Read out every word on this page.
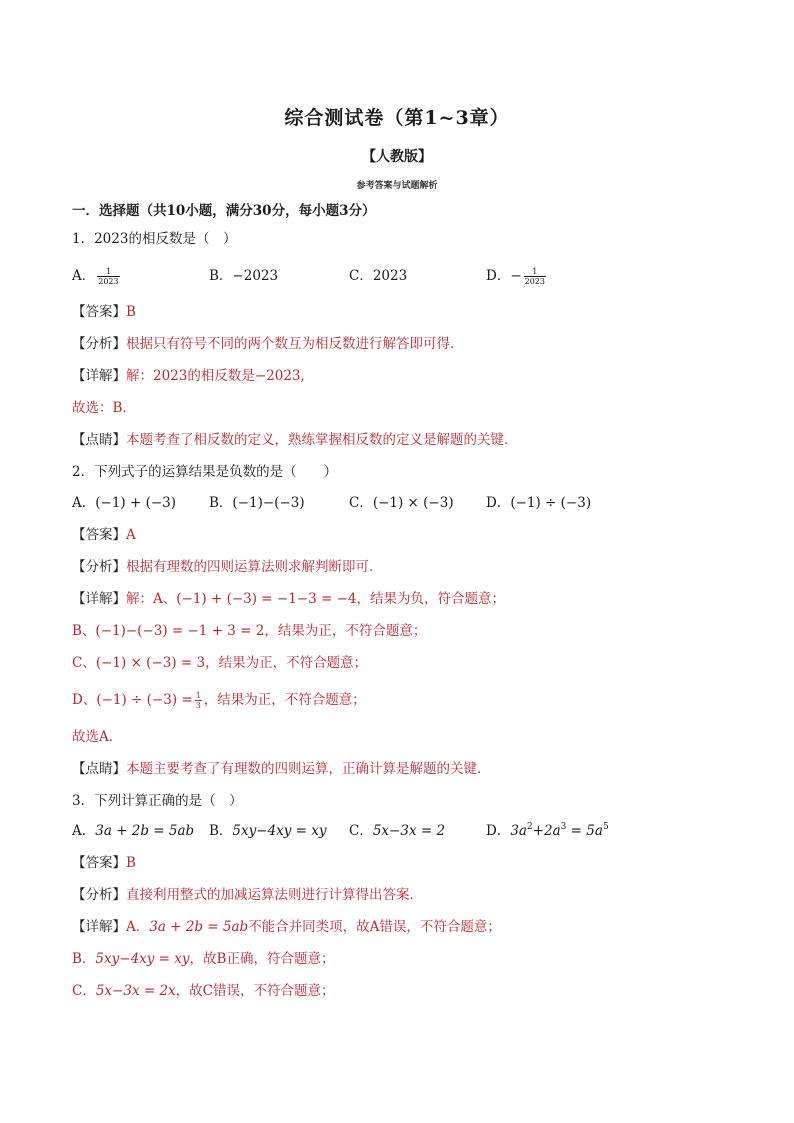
综合测试卷（第1~3章）
【人教版】
参考答案与试题解析
一．选择题（共10小题，满分30分，每小题3分）
1．2023的相反数是（　）
A． $\frac{1}{2023}$	B．−2023	C．2023	D．− $\frac{1}{2023}$
【答案】B
【分析】根据只有符号不同的两个数互为相反数进行解答即可得．
【详解】解：2023的相反数是−2023,
故选：B．
【点睛】本题考查了相反数的定义，熟练掌握相反数的定义是解题的关键．
2．下列式子的运算结果是负数的是（　　）
A．(−1) + (−3) B．(−1)−(−3)	C．(−1) × (−3) D．(−1) ÷ (−3)
【答案】A
【分析】根据有理数的四则运算法则求解判断即可．
【详解】解：A、(−1) + (−3) = −1−3 = −4，结果为负，符合题意；
B、(−1)−(−3) = −1 + 3 = 2，结果为正，不符合题意；
C、(−1) × (−3) = 3，结果为正，不符合题意；
D、$(-1) \div (-3) = \frac{1}{3}$ ，结果为正，不符合题意；
故选A．
【点睛】本题主要考查了有理数的四则运算，正确计算是解题的关键．
3．下列计算正确的是（　）
A．3a + 2b = 5ab B．5xy−4xy = xy C．5x−3x = 2	D．$3a^2+2a^3 = 5a^5$
【答案】B
【分析】直接利用整式的加减运算法则进行计算得出答案．
【详解】A．3a + 2b = 5ab不能合并同类项，故A错误，不符合题意；
B．5xy−4xy = xy，故B正确，符合题意；
C．5x−3x = 2x，故C错误，不符合题意；
